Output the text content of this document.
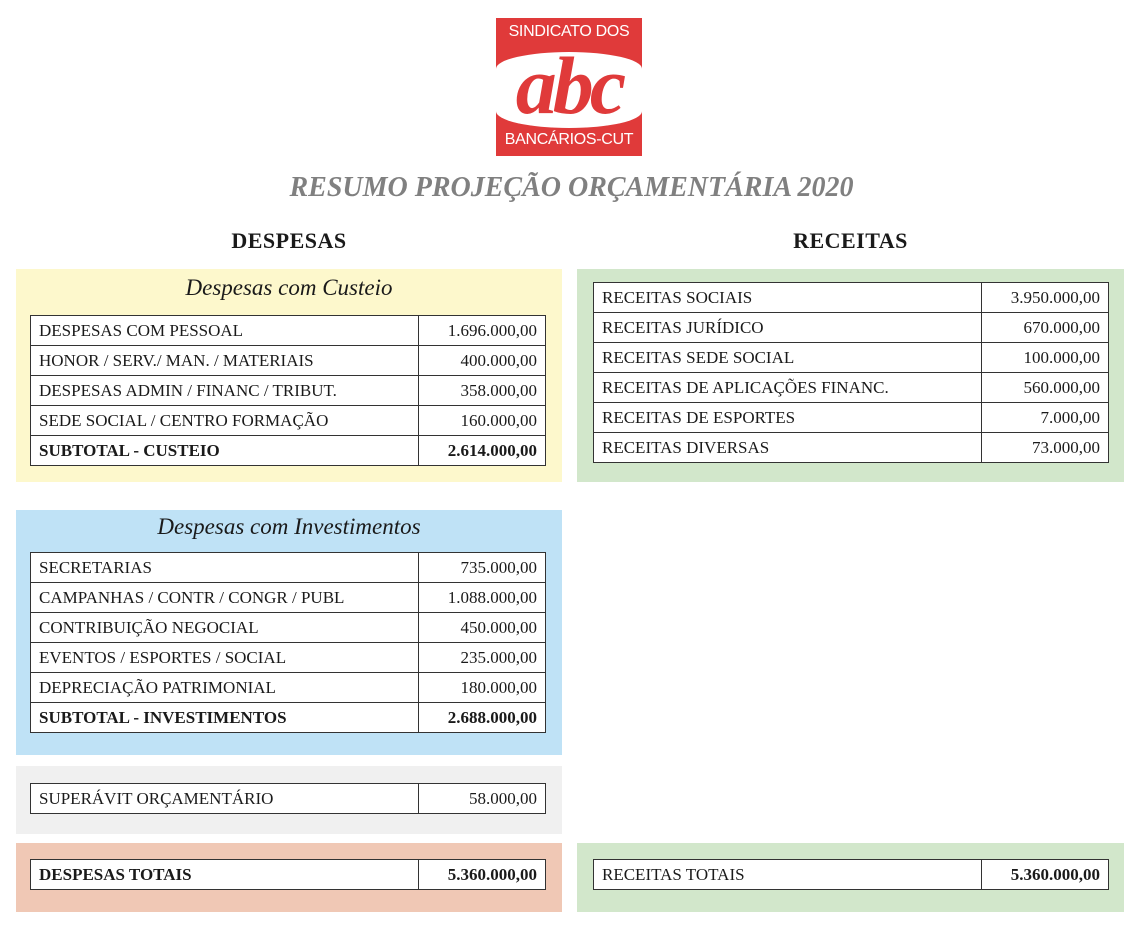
SINDICATO DOS
abc
BANCÁRIOS-CUT
RESUMO PROJEÇÃO ORÇAMENTÁRIA 2020
DESPESAS	RECEITAS
Despesas com Custeio
DESPESAS COM PESSOAL	1.696.000,00
HONOR / SERV./ MAN. / MATERIAIS	400.000,00
DESPESAS ADMIN / FINANC / TRIBUT.	358.000,00
SEDE SOCIAL / CENTRO FORMAÇÃO	160.000,00
SUBTOTAL - CUSTEIO	2.614.000,00
Despesas com Investimentos
SECRETARIAS	735.000,00
CAMPANHAS / CONTR / CONGR / PUBL	1.088.000,00
CONTRIBUIÇÃO NEGOCIAL	450.000,00
EVENTOS / ESPORTES / SOCIAL	235.000,00
DEPRECIAÇÃO PATRIMONIAL	180.000,00
SUBTOTAL - INVESTIMENTOS	2.688.000,00
SUPERÁVIT ORÇAMENTÁRIO	58.000,00
DESPESAS TOTAIS	5.360.000,00
RECEITAS SOCIAIS	3.950.000,00
RECEITAS JURÍDICO	670.000,00
RECEITAS SEDE SOCIAL	100.000,00
RECEITAS DE APLICAÇÕES FINANC.	560.000,00
RECEITAS DE ESPORTES	7.000,00
RECEITAS DIVERSAS	73.000,00
RECEITAS TOTAIS	5.360.000,00
